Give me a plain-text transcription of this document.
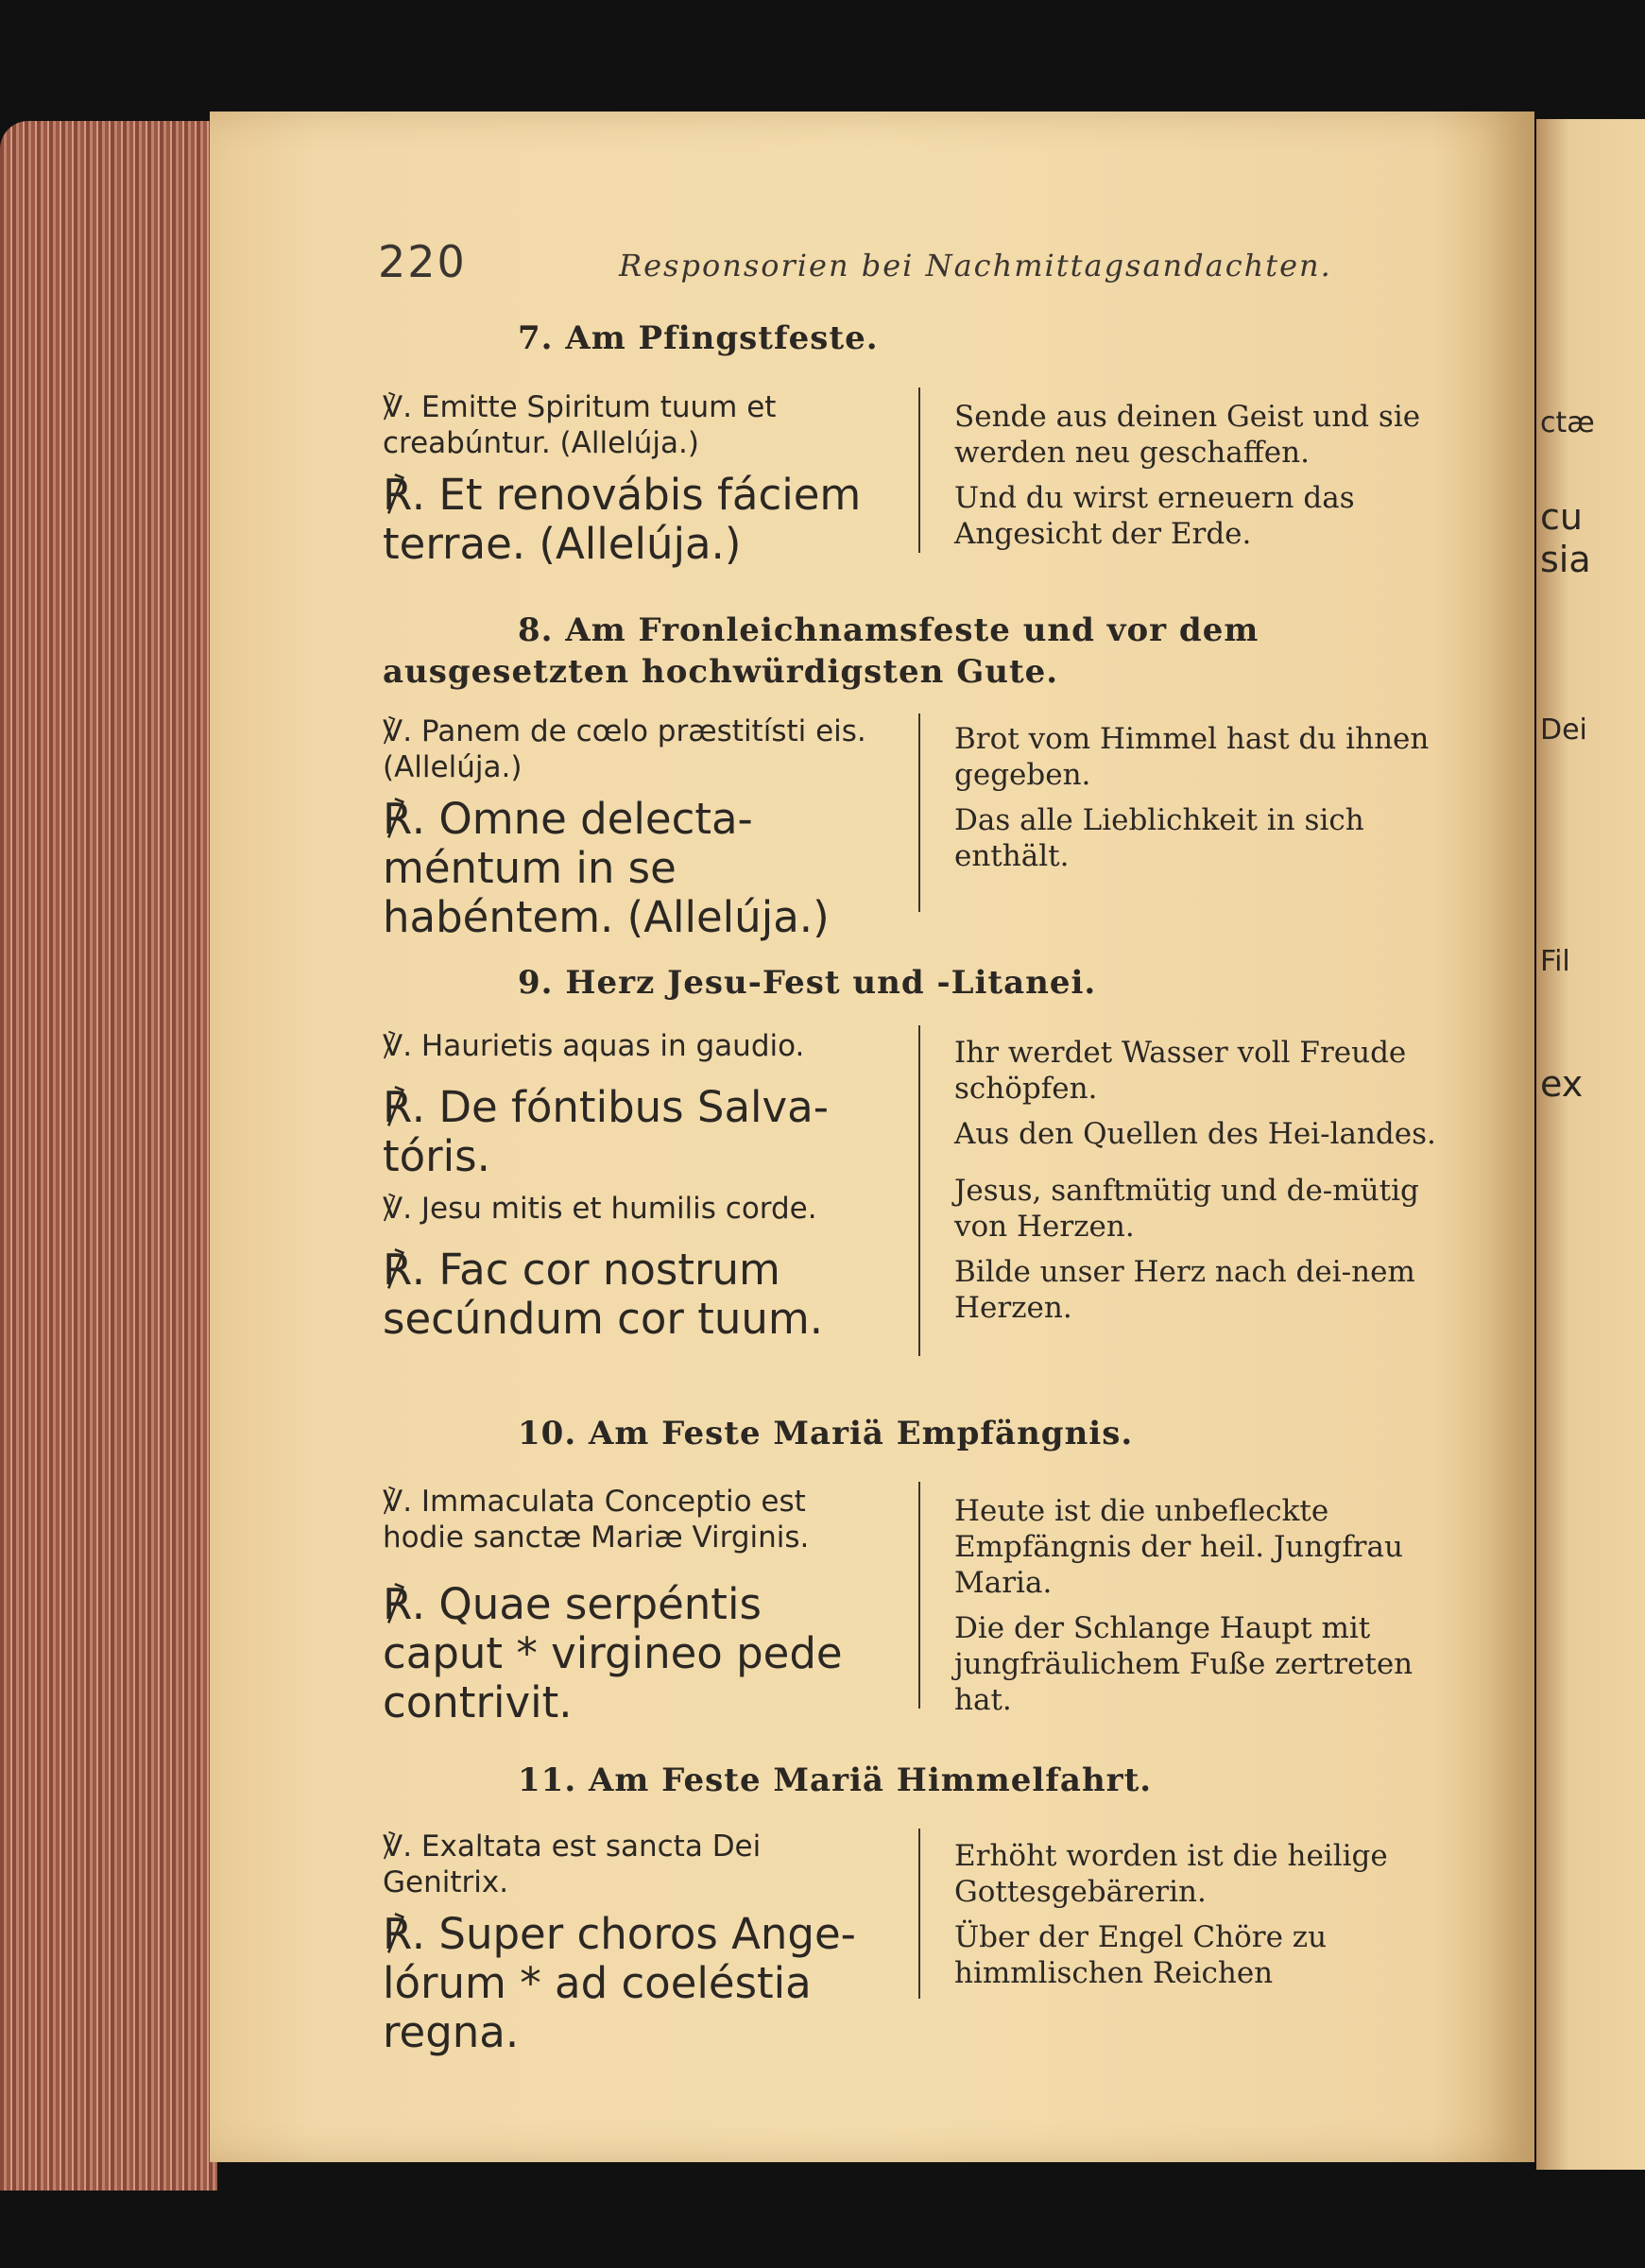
ctæ
cu
sia
Dei
Fil
ex
220	Responsorien bei Nachmittagsandachten.
7. Am Pfingstfeste.
℣. Emitte Spiritum tuum et creabúntur. (Allelúja.)
℟. Et renovábis fáciem terrae. (Allelúja.)
Sende aus deinen Geist und sie werden neu geschaffen.
Und du wirst erneuern das Angesicht der Erde.
8. Am Fronleichnamsfeste und vor dem ausgesetzten hochwürdigsten Gute.
℣. Panem de cœlo præstitísti eis. (Allelúja.)
℟. Omne delecta-méntum in se habéntem. (Allelúja.)
Brot vom Himmel hast du ihnen gegeben.
Das alle Lieblichkeit in sich enthält.
9. Herz Jesu-Fest und -Litanei.
℣. Haurietis aquas in gaudio.
℟. De fóntibus Salva-tóris.
℣. Jesu mitis et humilis corde.
℟. Fac cor nostrum secúndum cor tuum.
Ihr werdet Wasser voll Freude schöpfen.
Aus den Quellen des Hei-landes.
Jesus, sanftmütig und de-mütig von Herzen.
Bilde unser Herz nach dei-nem Herzen.
10. Am Feste Mariä Empfängnis.
℣. Immaculata Conceptio est hodie sanctæ Mariæ Virginis.
℟. Quae serpéntis caput * virgineo pede contrivit.
Heute ist die unbefleckte Empfängnis der heil. Jungfrau Maria.
Die der Schlange Haupt mit jungfräulichem Fuße zertreten hat.
11. Am Feste Mariä Himmelfahrt.
℣. Exaltata est sancta Dei Genitrix.
℟. Super choros Ange-lórum * ad coeléstia regna.
Erhöht worden ist die heilige Gottesgebärerin.
Über der Engel Chöre zu himmlischen Reichen
